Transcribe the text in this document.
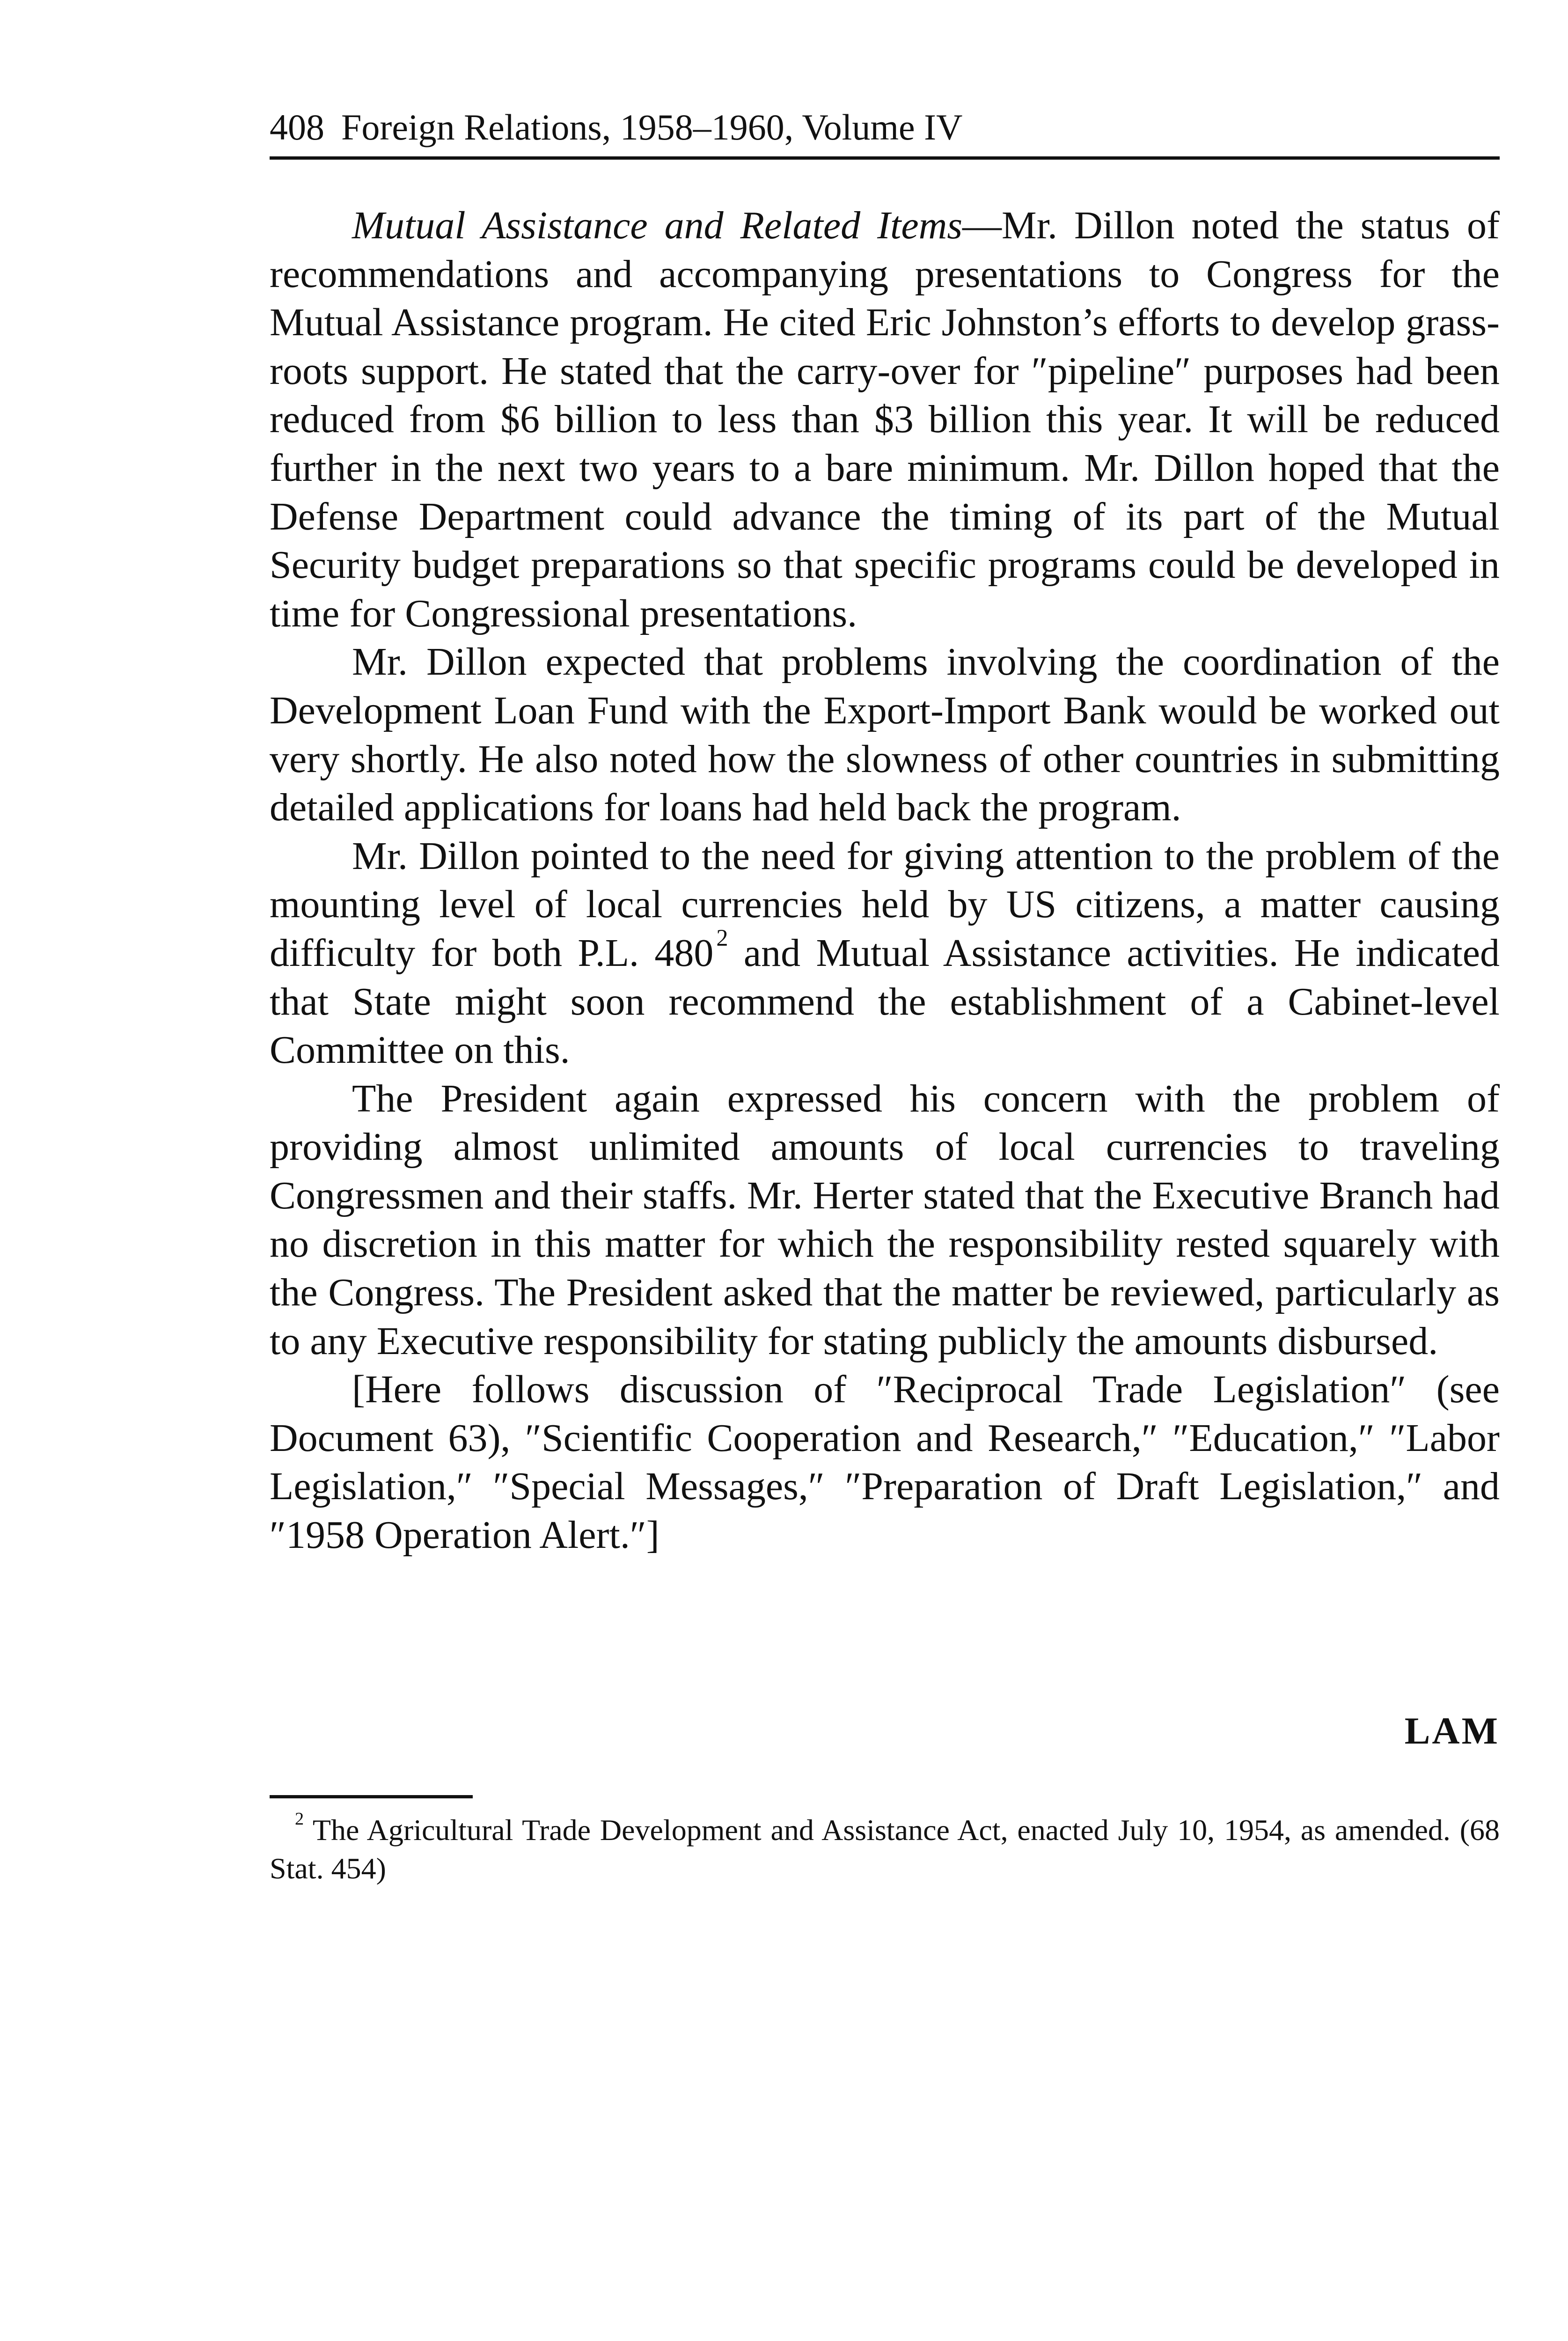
408 Foreign Relations, 1958–1960, Volume IV

Mutual Assistance and Related Items—Mr. Dillon noted the status of recommendations and accompanying presentations to Congress for the Mutual Assistance program. He cited Eric Johnston’s efforts to develop grass-roots support. He stated that the carry-over for ″pipeline″ purposes had been reduced from $6 billion to less than $3 billion this year. It will be reduced further in the next two years to a bare minimum. Mr. Dillon hoped that the Defense Department could advance the timing of its part of the Mutual Security budget preparations so that specific programs could be developed in time for Congressional presentations.

Mr. Dillon expected that problems involving the coordination of the Development Loan Fund with the Export-Import Bank would be worked out very shortly. He also noted how the slowness of other countries in submitting detailed applications for loans had held back the program.

Mr. Dillon pointed to the need for giving attention to the problem of the mounting level of local currencies held by US citizens, a matter causing difficulty for both P.L. 480 $^2$ and Mutual Assistance activities. He indicated that State might soon recommend the establishment of a Cabinet-level Committee on this.

The President again expressed his concern with the problem of providing almost unlimited amounts of local currencies to traveling Congressmen and their staffs. Mr. Herter stated that the Executive Branch had no discretion in this matter for which the responsibility rested squarely with the Congress. The President asked that the matter be reviewed, particularly as to any Executive responsibility for stating publicly the amounts disbursed.

[Here follows discussion of ″Reciprocal Trade Legislation″ (see Document 63), ″Scientific Cooperation and Research,″ ″Education,″ ″Labor Legislation,″ ″Special Messages,″ ″Preparation of Draft Legislation,″ and ″1958 Operation Alert.″]

LAM
$^2$ The Agricultural Trade Development and Assistance Act, enacted July 10, 1954, as amended. (68 Stat. 454)
